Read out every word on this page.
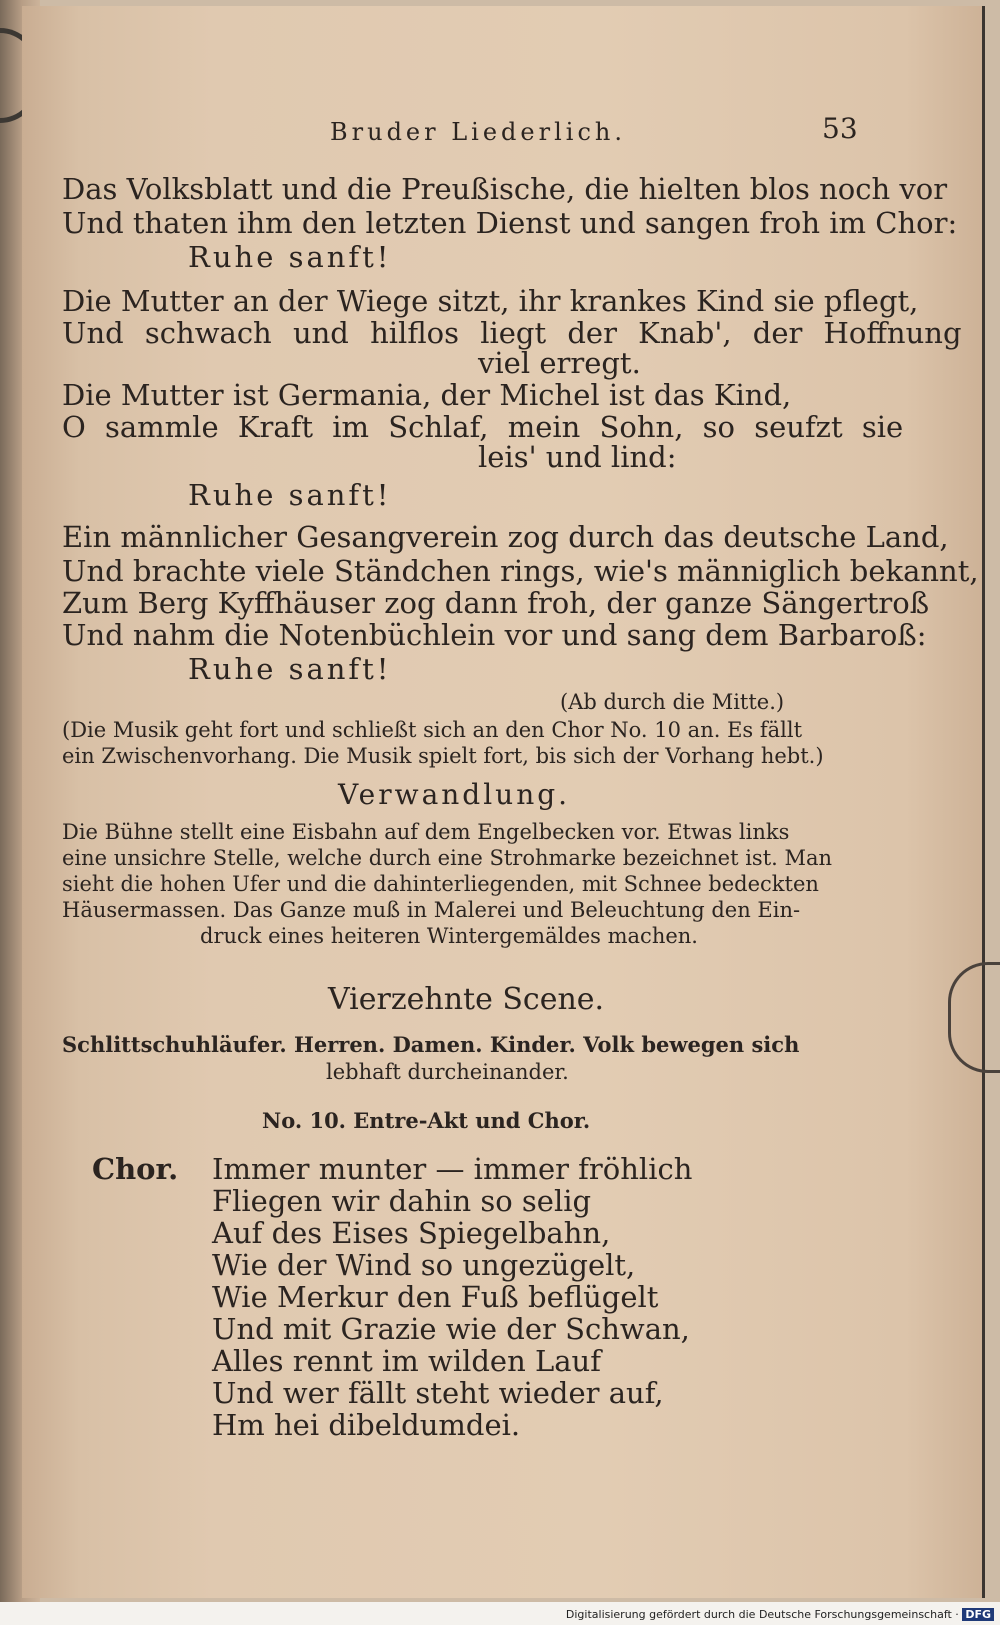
Bruder Liederlich.	53
Das Volksblatt und die Preußische, die hielten blos noch vor
Und thaten ihm den letzten Dienst und sangen froh im Chor:
Ruhe sanft!
Die Mutter an der Wiege sitzt, ihr krankes Kind sie pflegt,
Und schwach und hilflos liegt der Knab', der Hoffnung
viel erregt.
Die Mutter ist Germania, der Michel ist das Kind,
O sammle Kraft im Schlaf, mein Sohn, so seufzt sie
leis' und lind:
Ruhe sanft!
Ein männlicher Gesangverein zog durch das deutsche Land,
Und brachte viele Ständchen rings, wie's männiglich bekannt,
Zum Berg Kyffhäuser zog dann froh, der ganze Sängertroß
Und nahm die Notenbüchlein vor und sang dem Barbaroß:
Ruhe sanft!
(Ab durch die Mitte.)
(Die Musik geht fort und schließt sich an den Chor No. 10 an. Es fällt
ein Zwischenvorhang. Die Musik spielt fort, bis sich der Vorhang hebt.)
Verwandlung.
Die Bühne stellt eine Eisbahn auf dem Engelbecken vor. Etwas links
eine unsichre Stelle, welche durch eine Strohmarke bezeichnet ist. Man
sieht die hohen Ufer und die dahinterliegenden, mit Schnee bedeckten
Häusermassen. Das Ganze muß in Malerei und Beleuchtung den Ein-
druck eines heiteren Wintergemäldes machen.
Vierzehnte Scene.
Schlittschuhläufer. Herren. Damen. Kinder. Volk bewegen sich
lebhaft durcheinander.
No. 10. Entre-Akt und Chor.
Chor. Immer munter — immer fröhlich
Fliegen wir dahin so selig
Auf des Eises Spiegelbahn,
Wie der Wind so ungezügelt,
Wie Merkur den Fuß beflügelt
Und mit Grazie wie der Schwan,
Alles rennt im wilden Lauf
Und wer fällt steht wieder auf,
Hm hei dibeldumdei.
Digitalisierung gefördert durch die Deutsche Forschungsgemeinschaft · DFG
